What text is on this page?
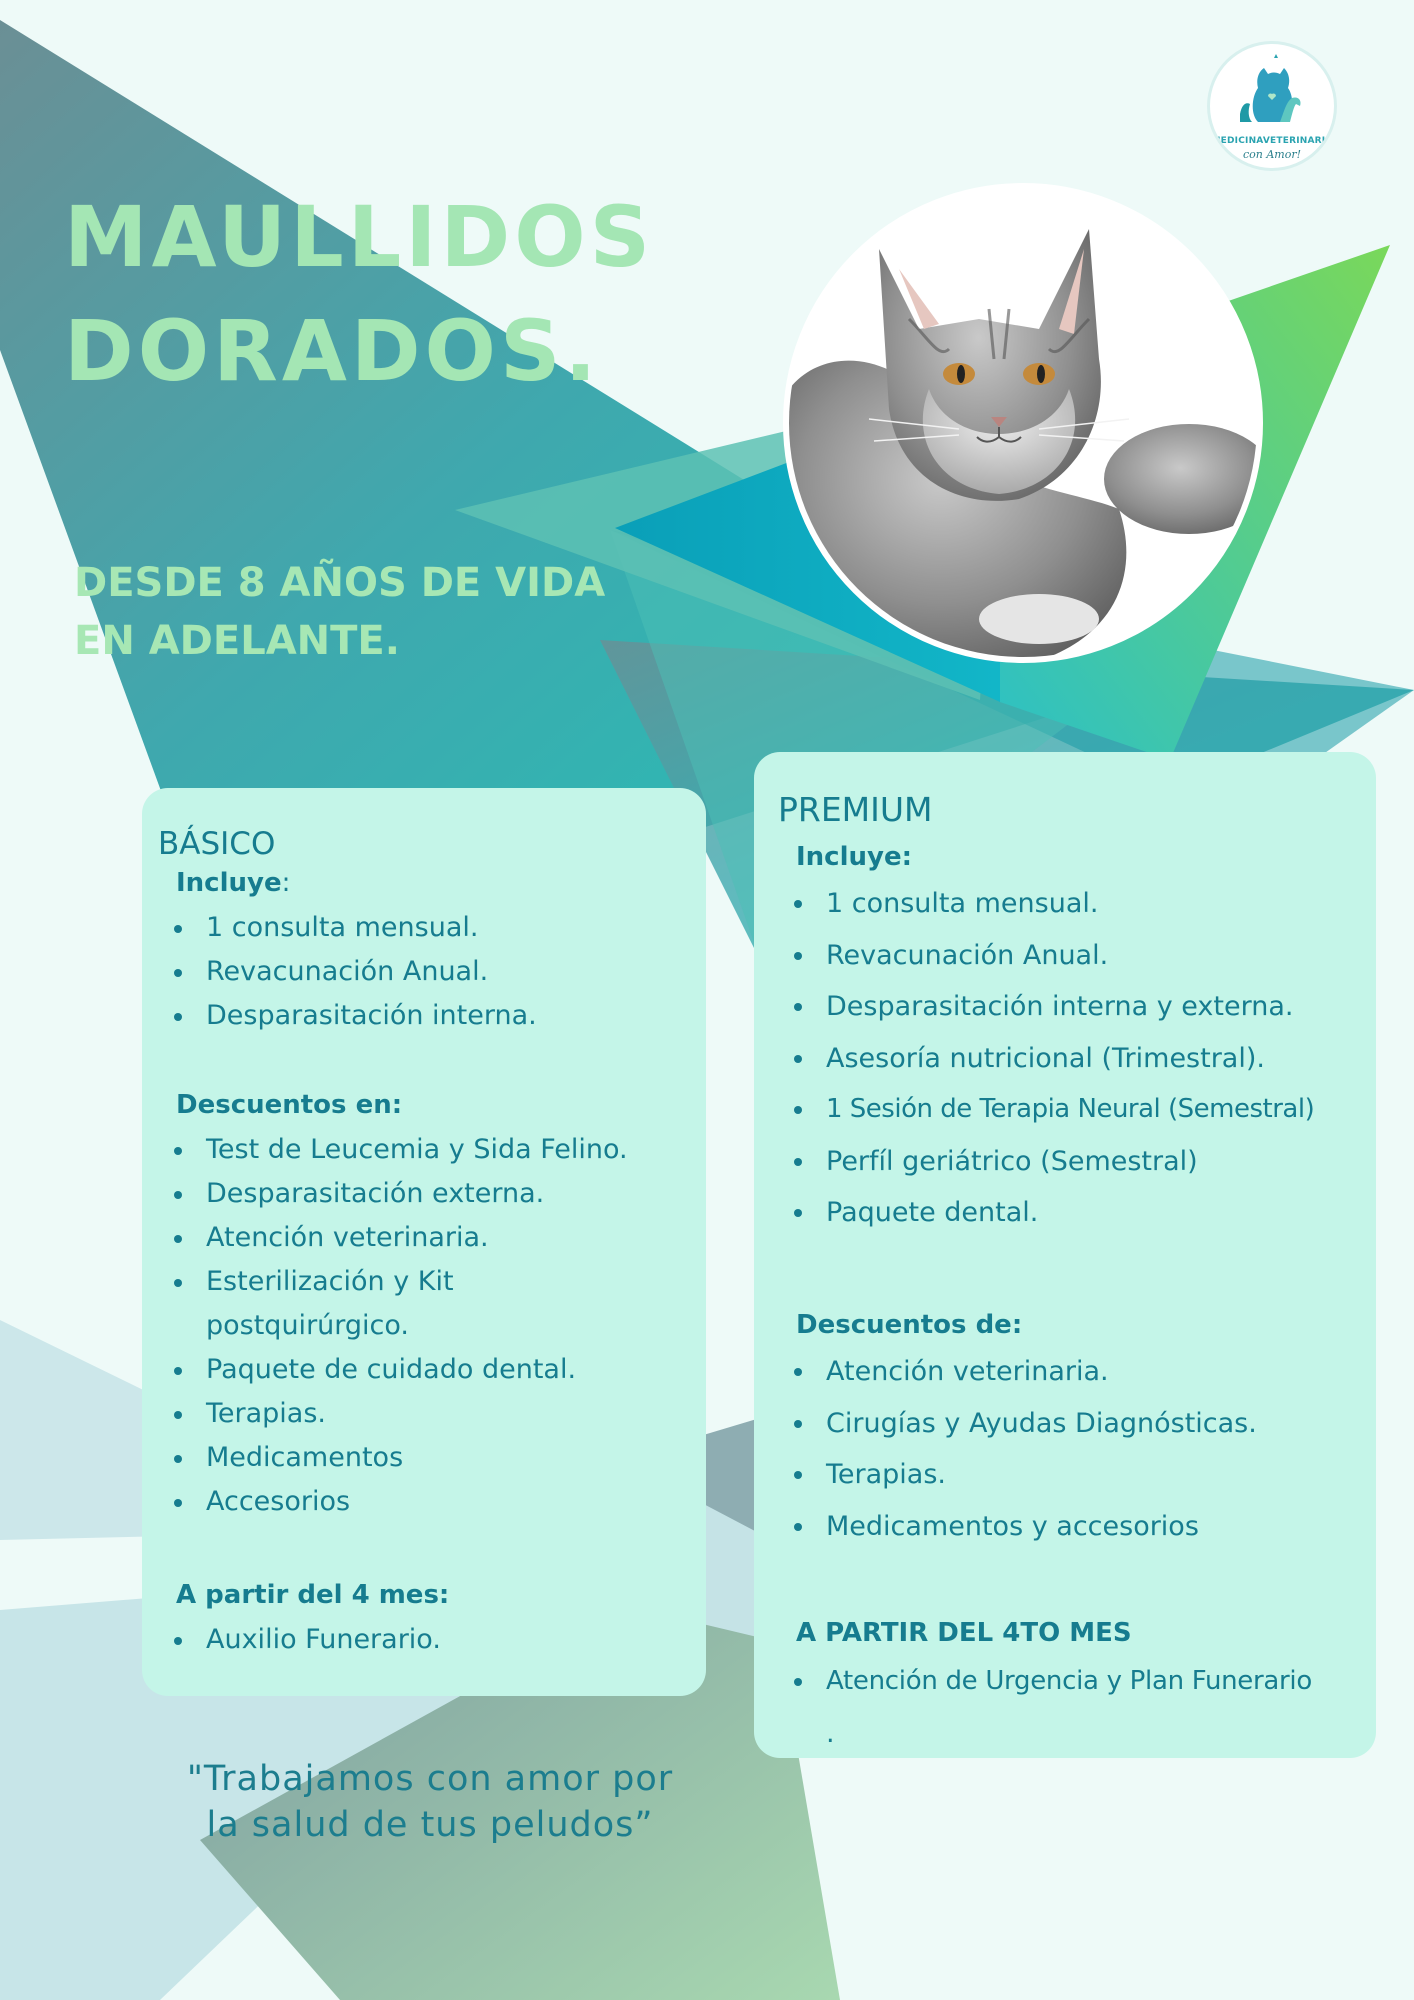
MAULLIDOS
DORADOS.

DESDE 8 AÑOS DE VIDA EN ADELANTE.

MEDICINAVETERINARIA
con Amor!
BÁSICO
Incluye:
1 consulta mensual.
Revacunación Anual.
Desparasitación interna.
Descuentos en:
Test de Leucemia y Sida Felino.
Desparasitación externa.
Atención veterinaria.
Esterilización y Kit postquirúrgico.
Paquete de cuidado dental.
Terapias.
Medicamentos
Accesorios
A partir del 4 mes:
Auxilio Funerario.
PREMIUM
Incluye:
1 consulta mensual.
Revacunación Anual.
Desparasitación interna y externa.
Asesoría nutricional (Trimestral).
1 Sesión de Terapia Neural (Semestral)
Perfíl geriátrico (Semestral)
Paquete dental.
Descuentos de:
Atención veterinaria.
Cirugías y Ayudas Diagnósticas.
Terapias.
Medicamentos y accesorios
A PARTIR DEL 4TO MES
Atención de Urgencia y Plan Funerario
.

"Trabajamos con amor por
la salud de tus peludos”
